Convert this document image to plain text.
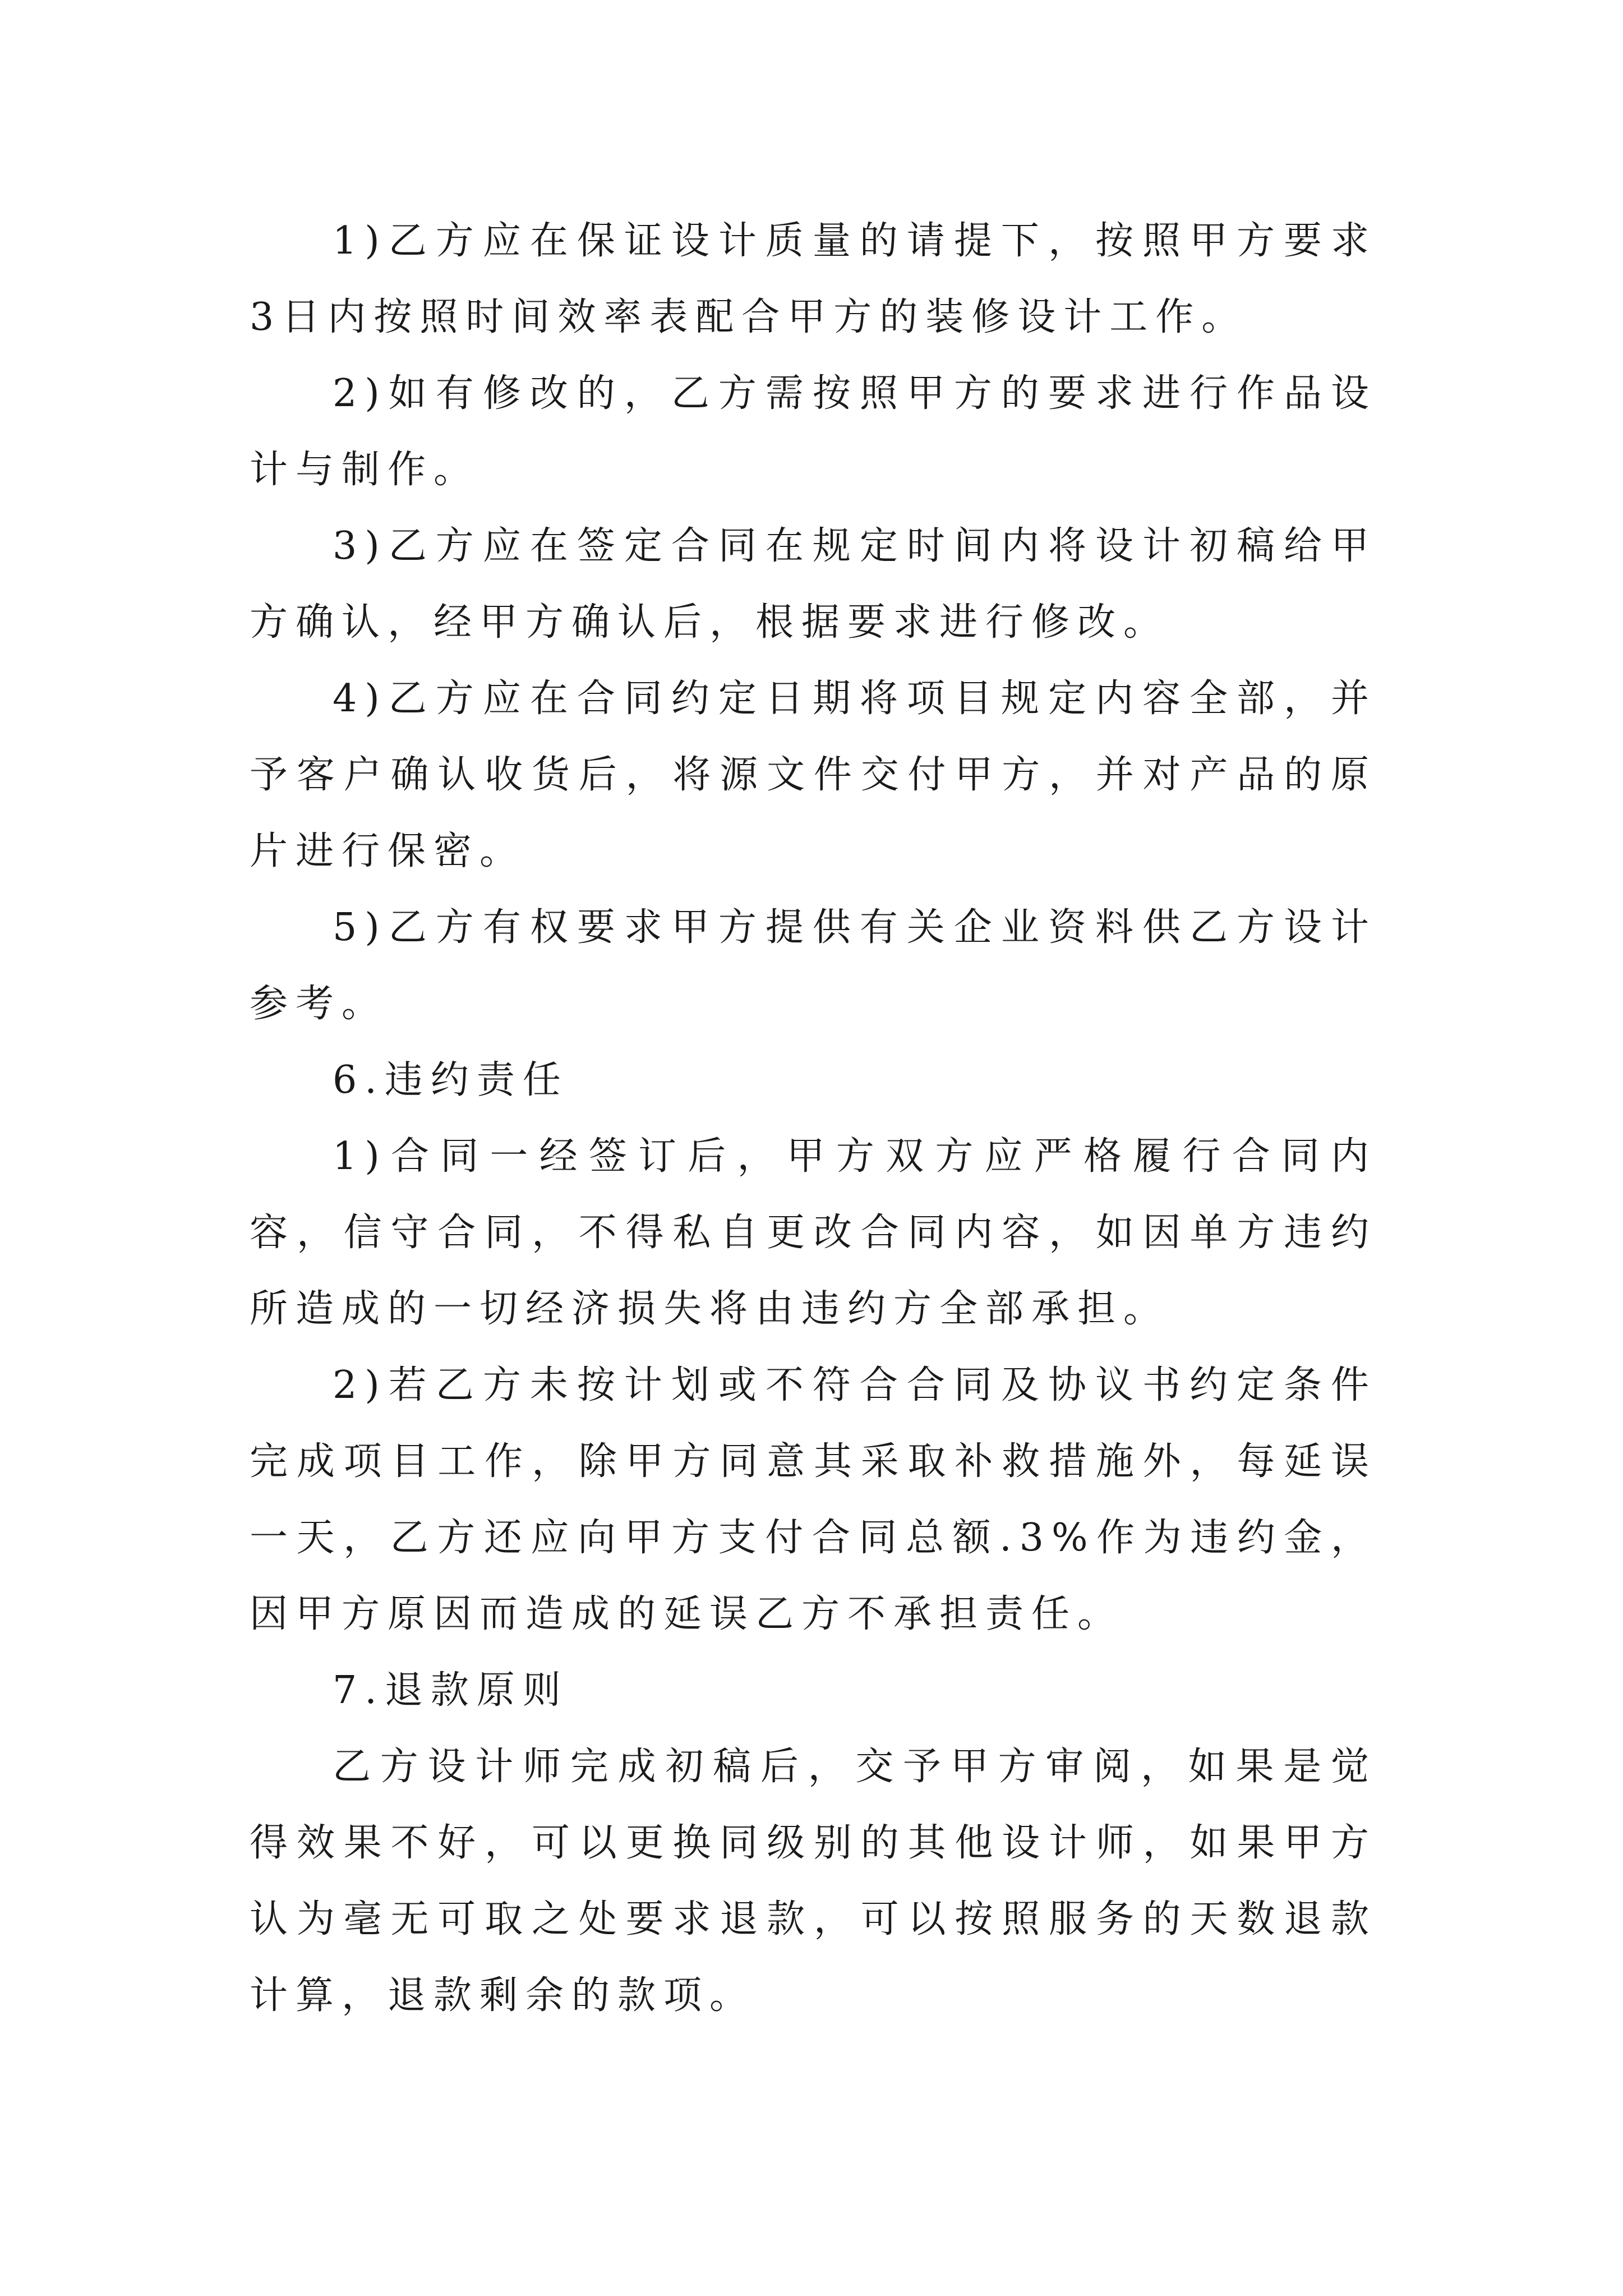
1)乙方应在保证设计质量的请提下，按照甲方要求3日内按照时间效率表配合甲方的装修设计工作。

2)如有修改的，乙方需按照甲方的要求进行作品设计与制作。

3)乙方应在签定合同在规定时间内将设计初稿给甲方确认，经甲方确认后，根据要求进行修改。

4)乙方应在合同约定日期将项目规定内容全部，并予客户确认收货后，将源文件交付甲方，并对产品的原片进行保密。

5)乙方有权要求甲方提供有关企业资料供乙方设计参考。

6.违约责任

1)合同一经签订后，甲方双方应严格履行合同内容，信守合同，不得私自更改合同内容，如因单方违约所造成的一切经济损失将由违约方全部承担。

2)若乙方未按计划或不符合合同及协议书约定条件完成项目工作，除甲方同意其采取补救措施外，每延误一天，乙方还应向甲方支付合同总额.3%作为违约金，因甲方原因而造成的延误乙方不承担责任。

7.退款原则

乙方设计师完成初稿后，交予甲方审阅，如果是觉得效果不好，可以更换同级别的其他设计师，如果甲方认为毫无可取之处要求退款，可以按照服务的天数退款计算，退款剩余的款项。
